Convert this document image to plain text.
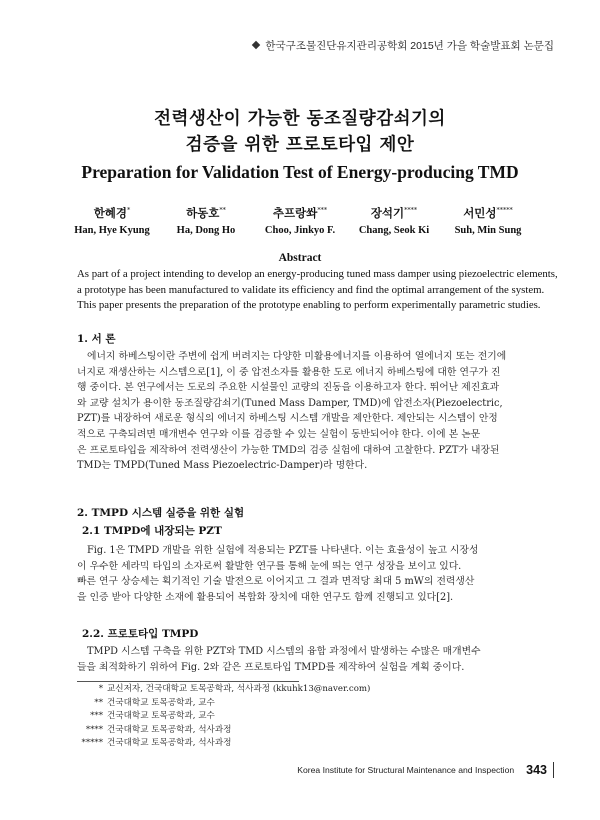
한국구조물진단유지관리공학회 2015년 가을 학술발표회 논문집
전력생산이 가능한 동조질량감쇠기의
검증을 위한 프로토타입 제안
Preparation for Validation Test of Energy-producing TMD
한혜경*
Han, Hye Kyung
하동호**
Ha, Dong Ho
추프랑쏴***
Choo, Jinkyo F.
장석기****
Chang, Seok Ki
서민성*****
Suh, Min Sung
Abstract
As part of a project intending to develop an energy-producing tuned mass damper using piezoelectric elements,
a prototype has been manufactured to validate its efficiency and find the optimal arrangement of the system.
This paper presents the preparation of the prototype enabling to perform experimentally parametric studies.
1. 서 론
에너지 하베스팅이란 주변에 쉽게 버려지는 다양한 미활용에너지를 이용하여 열에너지 또는 전기에
너지로 재생산하는 시스템으로[1], 이 중 압전소자를 활용한 도로 에너지 하베스팅에 대한 연구가 진
행 중이다. 본 연구에서는 도로의 주요한 시설물인 교량의 진동을 이용하고자 한다. 뛰어난 제진효과
와 교량 설치가 용이한 동조질량감쇠기(Tuned Mass Damper, TMD)에 압전소자(Piezoelectric,
PZT)를 내장하여 새로운 형식의 에너지 하베스팅 시스템 개발을 제안한다. 제안되는 시스템이 안정
적으로 구축되려면 매개변수 연구와 이를 검증할 수 있는 실험이 동반되어야 한다. 이에 본 논문
은 프로토타입을 제작하여 전력생산이 가능한 TMD의 검증 실험에 대하여 고찰한다. PZT가 내장된
TMD는 TMPD(Tuned Mass Piezoelectric-Damper)라 명한다.
2. TMPD 시스템 실증을 위한 실험
2.1 TMPD에 내장되는 PZT
Fig. 1은 TMPD 개발을 위한 실험에 적용되는 PZT를 나타낸다. 이는 효율성이 높고 시장성
이 우수한 세라믹 타입의 소자로써 활발한 연구를 통해 눈에 띄는 연구 성장을 보이고 있다.
빠른 연구 상승세는 획기적인 기술 발전으로 이어지고 그 결과 면적당 최대 5 mW의 전력생산
을 인증 받아 다양한 소재에 활용되어 복합화 장치에 대한 연구도 함께 진행되고 있다[2].
2.2. 프로토타입 TMPD
TMPD 시스템 구축을 위한 PZT와 TMD 시스템의 융합 과정에서 발생하는 수많은 매개변수
들을 최적화하기 위하여 Fig. 2와 같은 프로토타입 TMPD를 제작하여 실험을 계획 중이다.
* 교신저자, 건국대학교 토목공학과, 석사과정 (kkuhk13@naver.com)
** 건국대학교 토목공학과, 교수
*** 건국대학교 토목공학과, 교수
**** 건국대학교 토목공학과, 석사과정
***** 건국대학교 토목공학과, 석사과정
Korea Institute for Structural Maintenance and Inspection 343
